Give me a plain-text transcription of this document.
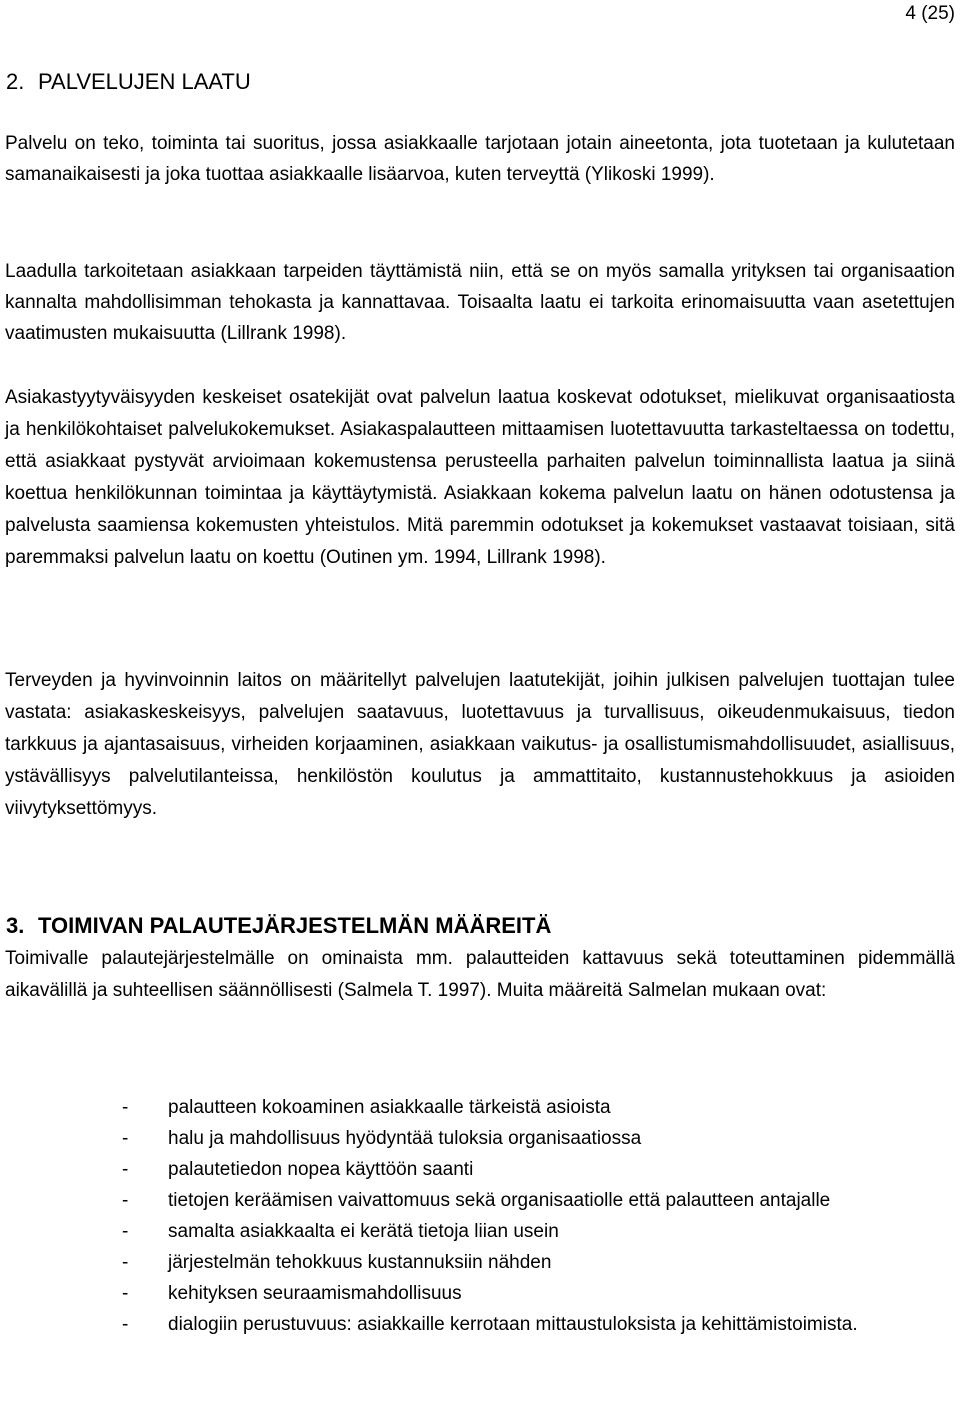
4 (25)
2. PALVELUJEN LAATU

Palvelu on teko, toiminta tai suoritus, jossa asiakkaalle tarjotaan jotain aineetonta, jota tuotetaan ja kulutetaan samanaikaisesti ja joka tuottaa asiakkaalle lisäarvoa, kuten terveyttä (Ylikoski 1999).

Laadulla tarkoitetaan asiakkaan tarpeiden täyttämistä niin, että se on myös samalla yrityksen tai organisaation kannalta mahdollisimman tehokasta ja kannattavaa. Toisaalta laatu ei tarkoita erinomaisuutta vaan asetettujen vaatimusten mukaisuutta (Lillrank 1998).

Asiakastyytyväisyyden keskeiset osatekijät ovat palvelun laatua koskevat odotukset, mielikuvat organisaatiosta ja henkilökohtaiset palvelukokemukset. Asiakaspalautteen mittaamisen luotettavuutta tarkasteltaessa on todettu, että asiakkaat pystyvät arvioimaan kokemustensa perusteella parhaiten palvelun toiminnallista laatua ja siinä koettua henkilökunnan toimintaa ja käyttäytymistä. Asiakkaan kokema palvelun laatu on hänen odotustensa ja palvelusta saamiensa kokemusten yhteistulos. Mitä paremmin odotukset ja kokemukset vastaavat toisiaan, sitä paremmaksi palvelun laatu on koettu (Outinen ym. 1994, Lillrank 1998).

Terveyden ja hyvinvoinnin laitos on määritellyt palvelujen laatutekijät, joihin julkisen palvelujen tuottajan tulee vastata: asiakaskeskeisyys, palvelujen saatavuus, luotettavuus ja turvallisuus, oikeudenmukaisuus, tiedon tarkkuus ja ajantasaisuus, virheiden korjaaminen, asiakkaan vaikutus- ja osallistumismahdollisuudet, asiallisuus, ystävällisyys palvelutilanteissa, henkilöstön koulutus ja ammattitaito, kustannustehokkuus ja asioiden viivytyksettömyys.

3. TOIMIVAN PALAUTEJÄRJESTELMÄN MÄÄREITÄ

Toimivalle palautejärjestelmälle on ominaista mm. palautteiden kattavuus sekä toteuttaminen pidemmällä aikavälillä ja suhteellisen säännöllisesti (Salmela T. 1997). Muita määreitä Salmelan mukaan ovat:

- palautteen kokoaminen asiakkaalle tärkeistä asioista
- halu ja mahdollisuus hyödyntää tuloksia organisaatiossa
- palautetiedon nopea käyttöön saanti
- tietojen keräämisen vaivattomuus sekä organisaatiolle että palautteen antajalle
- samalta asiakkaalta ei kerätä tietoja liian usein
- järjestelmän tehokkuus kustannuksiin nähden
- kehityksen seuraamismahdollisuus
- dialogiin perustuvuus: asiakkaille kerrotaan mittaustuloksista ja kehittämistoimista.
